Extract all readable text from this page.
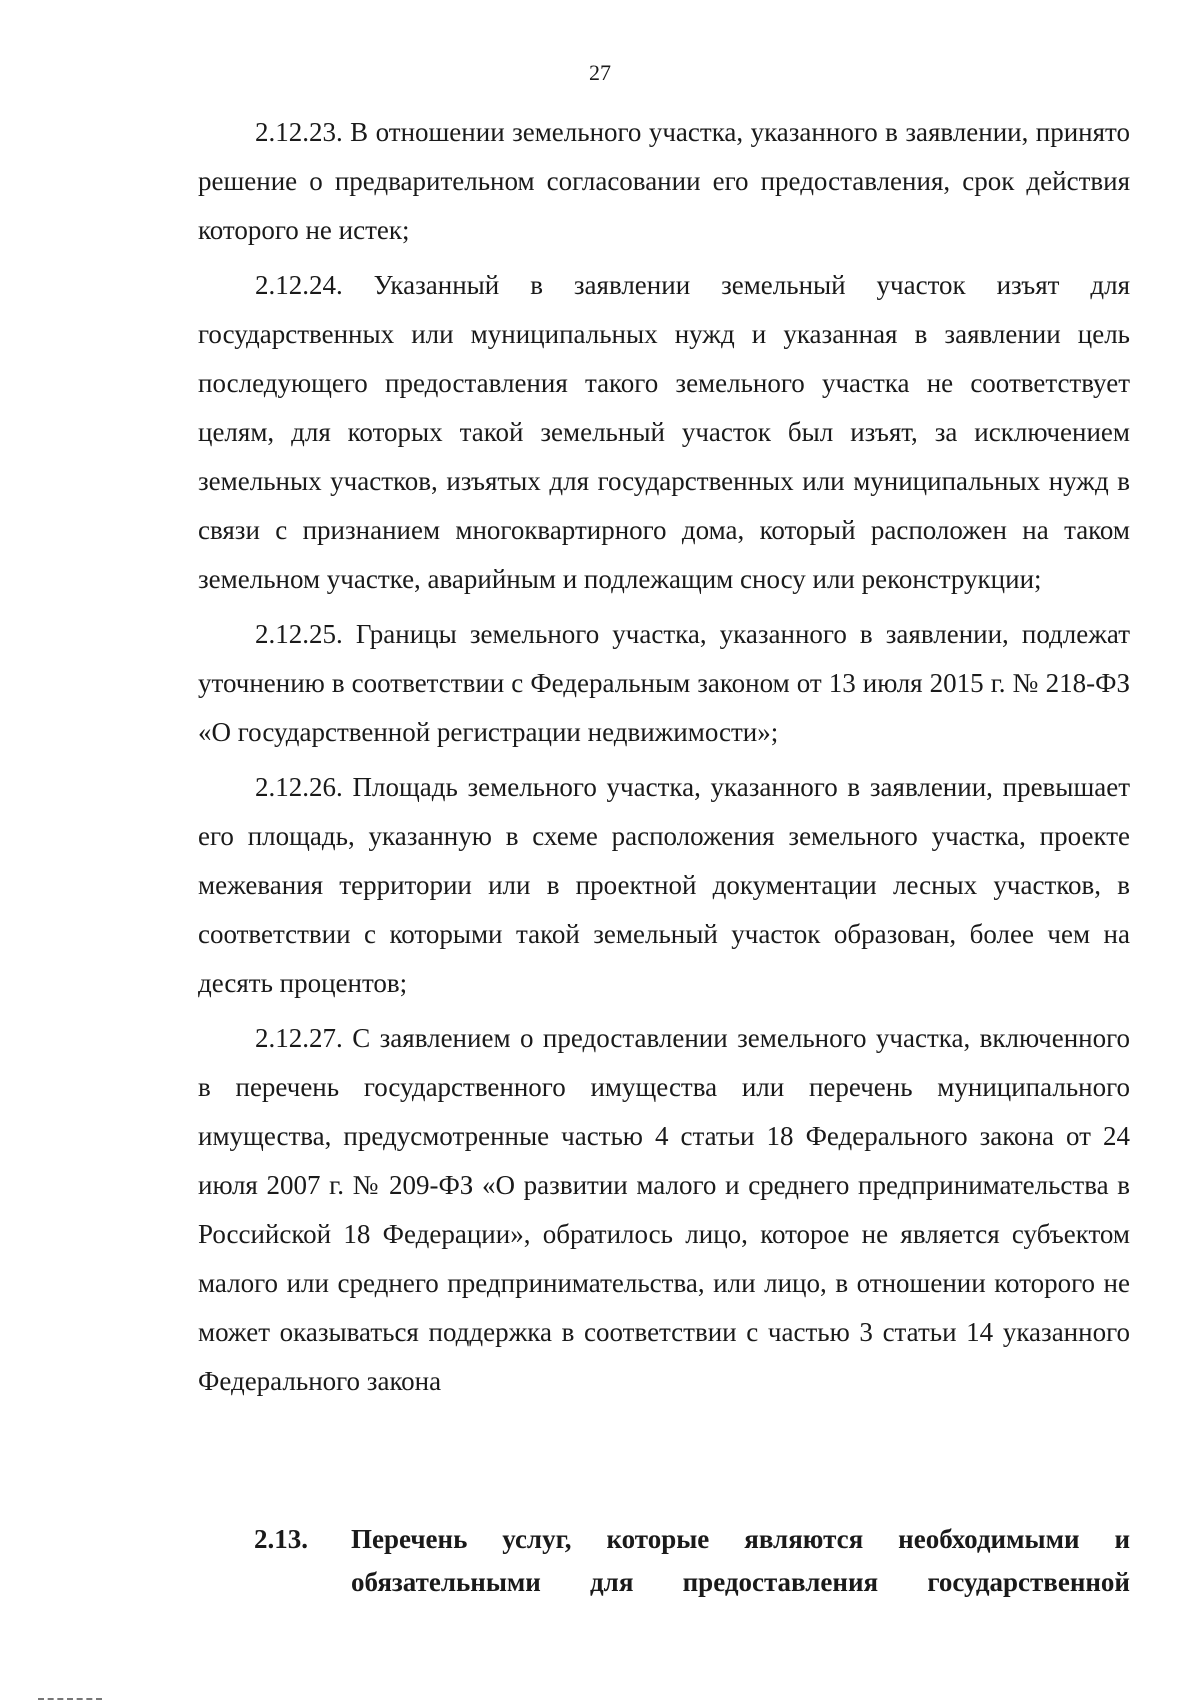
27

2.12.23. В отношении земельного участка, указанного в заявлении, принято решение о предварительном согласовании его предоставления, срок действия которого не истек;

2.12.24. Указанный в заявлении земельный участок изъят для государственных или муниципальных нужд и указанная в заявлении цель последующего предоставления такого земельного участка не соответствует целям, для которых такой земельный участок был изъят, за исключением земельных участков, изъятых для государственных или муниципальных нужд в связи с признанием многоквартирного дома, который расположен на таком земельном участке, аварийным и подлежащим сносу или реконструкции;

2.12.25. Границы земельного участка, указанного в заявлении, подлежат уточнению в соответствии с Федеральным законом от 13 июля 2015 г. № 218-ФЗ «О государственной регистрации недвижимости»;

2.12.26. Площадь земельного участка, указанного в заявлении, превышает его площадь, указанную в схеме расположения земельного участка, проекте межевания территории или в проектной документации лесных участков, в соответствии с которыми такой земельный участок образован, более чем на десять процентов;

2.12.27. С заявлением о предоставлении земельного участка, включенного в перечень государственного имущества или перечень муниципального имущества, предусмотренные частью 4 статьи 18 Федерального закона от 24 июля 2007 г. № 209-ФЗ «О развитии малого и среднего предпринимательства в Российской 18 Федерации», обратилось лицо, которое не является субъектом малого или среднего предпринимательства, или лицо, в отношении которого не может оказываться поддержка в соответствии с частью 3 статьи 14 указанного Федерального закона

2.13. Перечень услуг, которые являются необходимыми и обязательными для предоставления государственной
